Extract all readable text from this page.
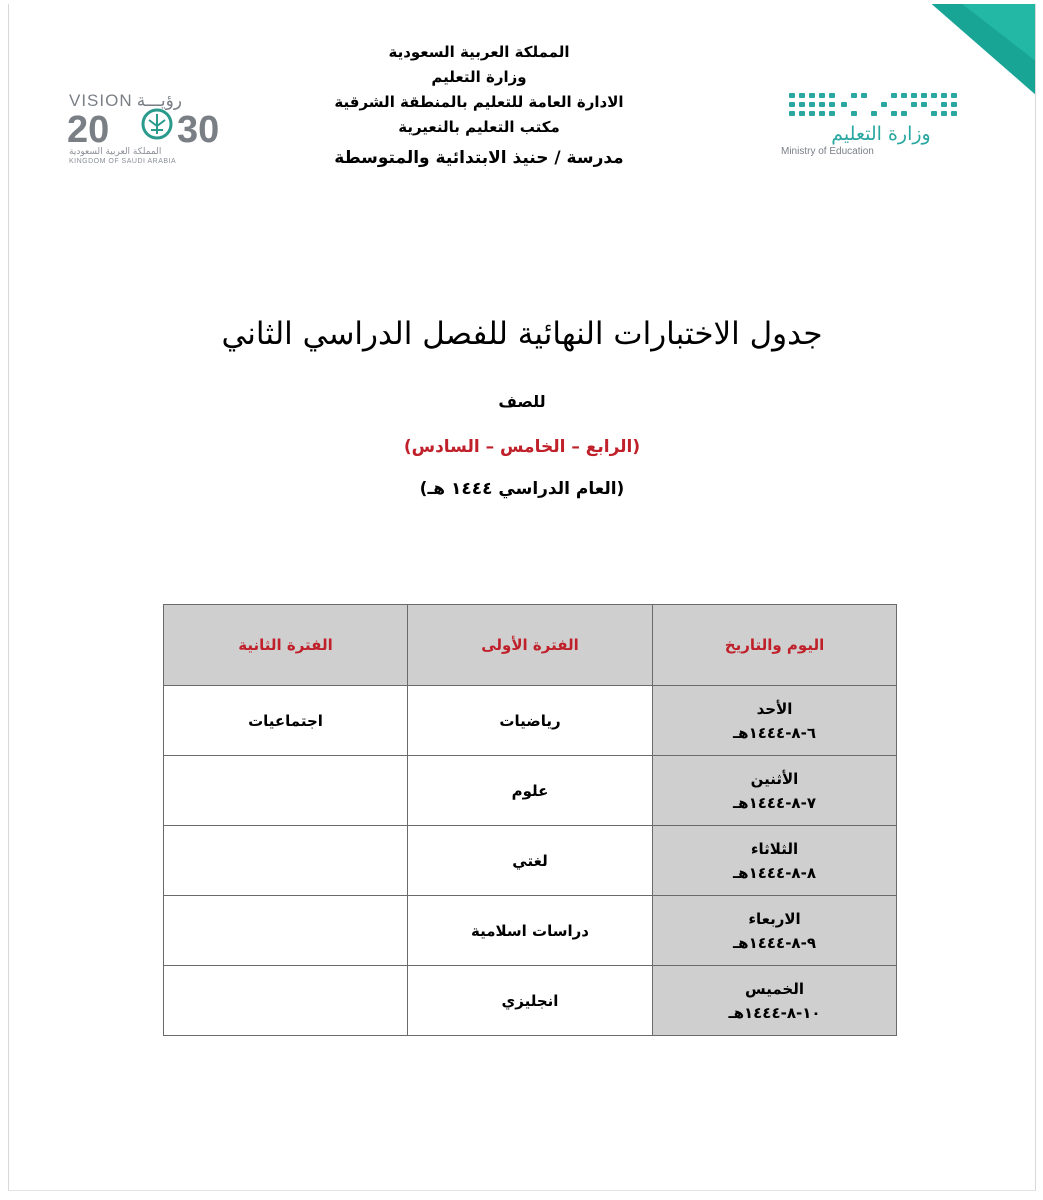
VISION رؤيـــة
20 30
المملكة العربية السعودية
KINGDOM OF SAUDI ARABIA
وزارة التعليم
Ministry of Education
المملكة العربية السعودية
وزارة التعليم
الادارة العامة للتعليم بالمنطقة الشرقية
مكتب التعليم بالنعيرية
مدرسة / حنيذ الابتدائية والمتوسطة
جدول الاختبارات النهائية للفصل الدراسي الثاني
للصف
(الرابع – الخامس – السادس)
(العام الدراسي ١٤٤٤ هـ)
اليوم والتاريخ	الفترة الأولى	الفترة الثانية

الأحد
٦-٨-١٤٤٤هـ	رياضيات	اجتماعيات

الأثنين
٧-٨-١٤٤٤هـ	علوم	

الثلاثاء
٨-٨-١٤٤٤هـ	لغتي	

الاربعاء
٩-٨-١٤٤٤هـ	دراسات اسلامية	

الخميس
١٠-٨-١٤٤٤هـ	انجليزي	
